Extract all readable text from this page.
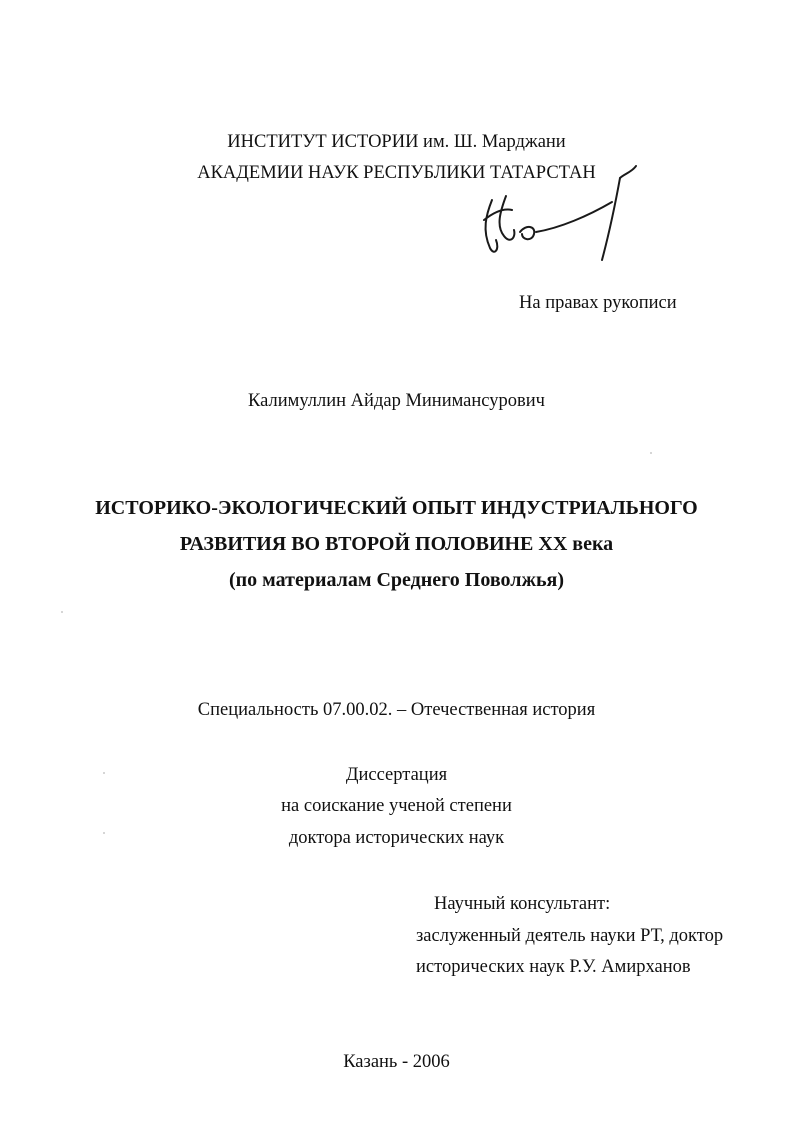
ИНСТИТУТ ИСТОРИИ им. Ш. Марджани
АКАДЕМИИ НАУК РЕСПУБЛИКИ ТАТАРСТАН
На правах рукописи
Калимуллин Айдар Минимансурович
ИСТОРИКО-ЭКОЛОГИЧЕСКИЙ ОПЫТ ИНДУСТРИАЛЬНОГО
РАЗВИТИЯ ВО ВТОРОЙ ПОЛОВИНЕ XX века
(по материалам Среднего Поволжья)
Специальность 07.00.02. – Отечественная история
Диссертация
на соискание ученой степени
доктора исторических наук
Научный консультант:
заслуженный деятель науки РТ, доктор
исторических наук Р.У. Амирханов
Казань - 2006
